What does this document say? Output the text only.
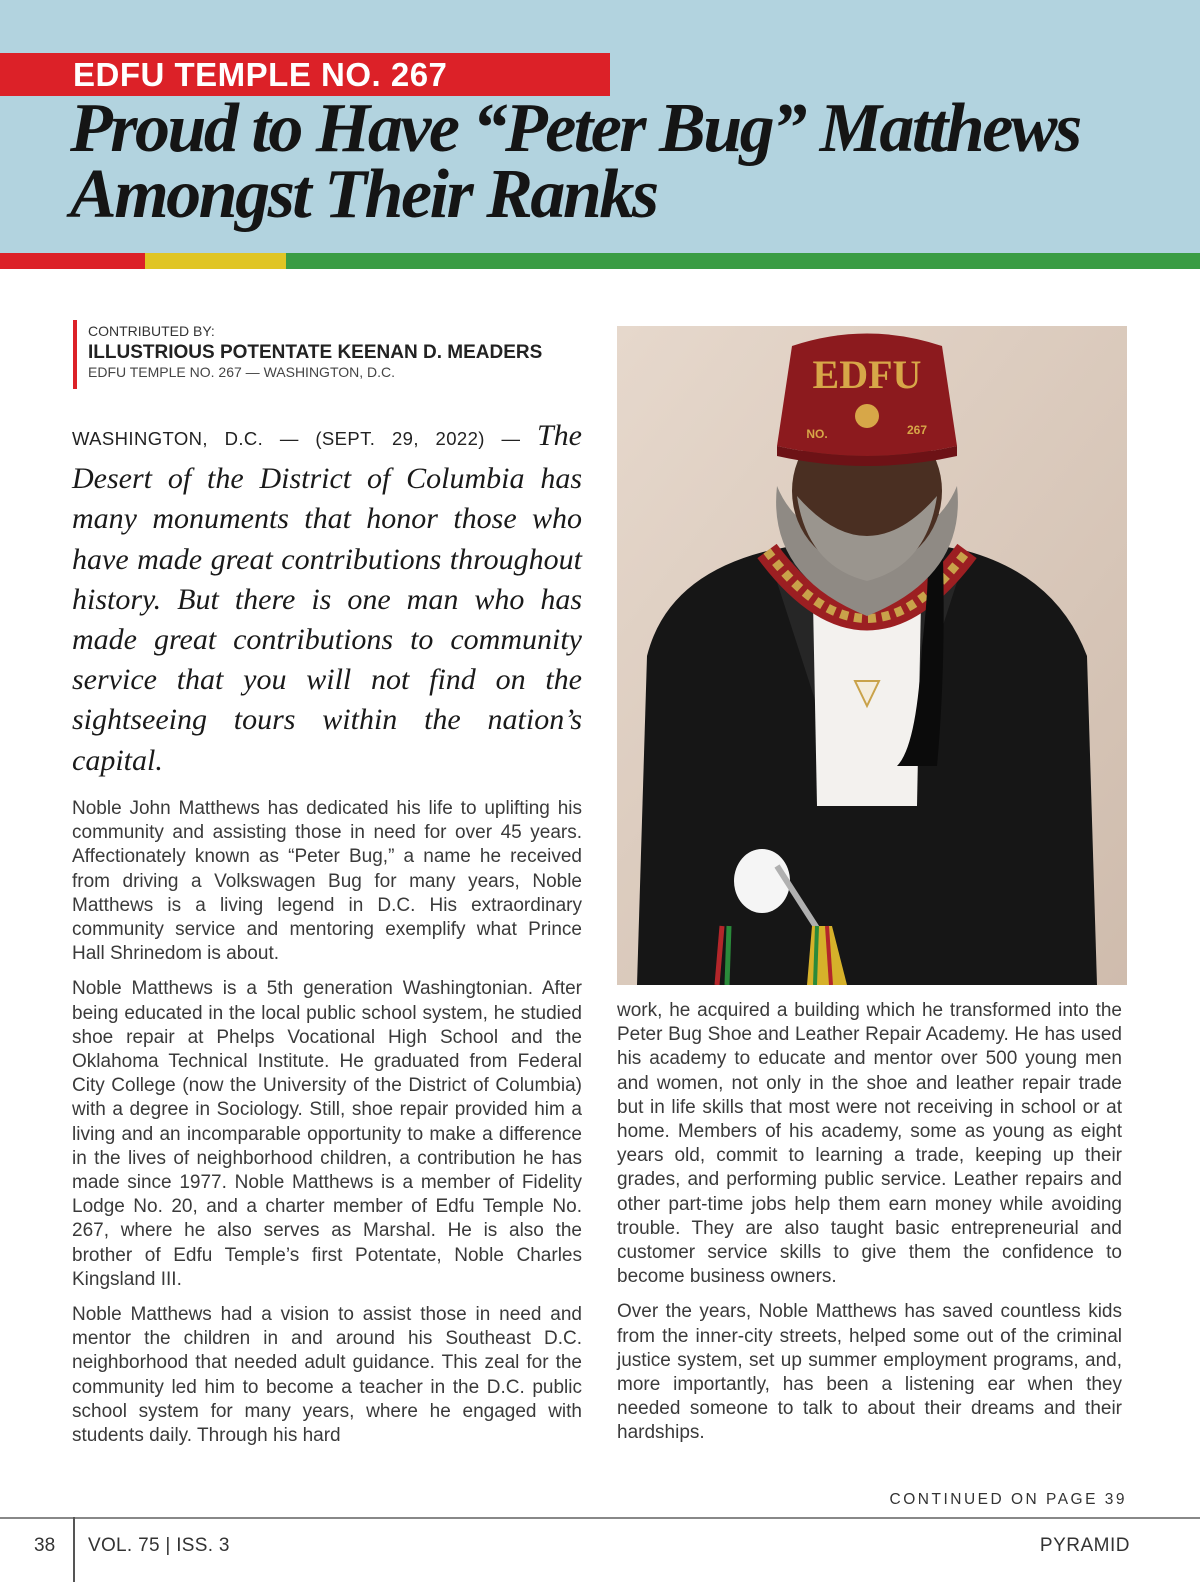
EDFU TEMPLE NO. 267
Proud to Have “Peter Bug” Matthews
Amongst Their Ranks
CONTRIBUTED BY:
ILLUSTRIOUS POTENTATE KEENAN D. MEADERS
EDFU TEMPLE NO. 267 — WASHINGTON, D.C.
WASHINGTON, D.C. — (SEPT. 29, 2022) — The Desert of the District of Columbia has many monuments that honor those who have made great contributions throughout history. But there is one man who has made great contributions to community service that you will not find on the sightseeing tours within the nation’s capital.

Noble John Matthews has dedicated his life to uplifting his community and assisting those in need for over 45 years. Affectionately known as “Peter Bug,” a name he received from driving a Volkswagen Bug for many years, Noble Matthews is a living legend in D.C. His extraordinary community service and mentoring exemplify what Prince Hall Shrinedom is about.

Noble Matthews is a 5th generation Washingtonian. After being educated in the local public school system, he studied shoe repair at Phelps Vocational High School and the Oklahoma Technical Institute. He graduated from Federal City College (now the University of the District of Columbia) with a degree in Sociology. Still, shoe repair provided him a living and an incomparable opportunity to make a difference in the lives of neighborhood children, a contribution he has made since 1977. Noble Matthews is a member of Fidelity Lodge No. 20, and a charter member of Edfu Temple No. 267, where he also serves as Marshal. He is also the brother of Edfu Temple’s first Potentate, Noble Charles Kingsland III.

Noble Matthews had a vision to assist those in need and mentor the children in and around his Southeast D.C. neighborhood that needed adult guidance. This zeal for the community led him to become a teacher in the D.C. public school system for many years, where he engaged with students daily. Through his hard

EDFU
NO.	267

work, he acquired a building which he transformed into the Peter Bug Shoe and Leather Repair Academy. He has used his academy to educate and mentor over 500 young men and women, not only in the shoe and leather repair trade but in life skills that most were not receiving in school or at home. Members of his academy, some as young as eight years old, commit to learning a trade, keeping up their grades, and performing public service. Leather repairs and other part-time jobs help them earn money while avoiding trouble. They are also taught basic entrepreneurial and customer service skills to give them the confidence to become business owners.

Over the years, Noble Matthews has saved countless kids from the inner-city streets, helped some out of the criminal justice system, set up summer employment programs, and, more importantly, has been a listening ear when they needed someone to talk to about their dreams and their hardships.

CONTINUED ON PAGE 39
38 VOL. 75 | ISS. 3	PYRAMID
